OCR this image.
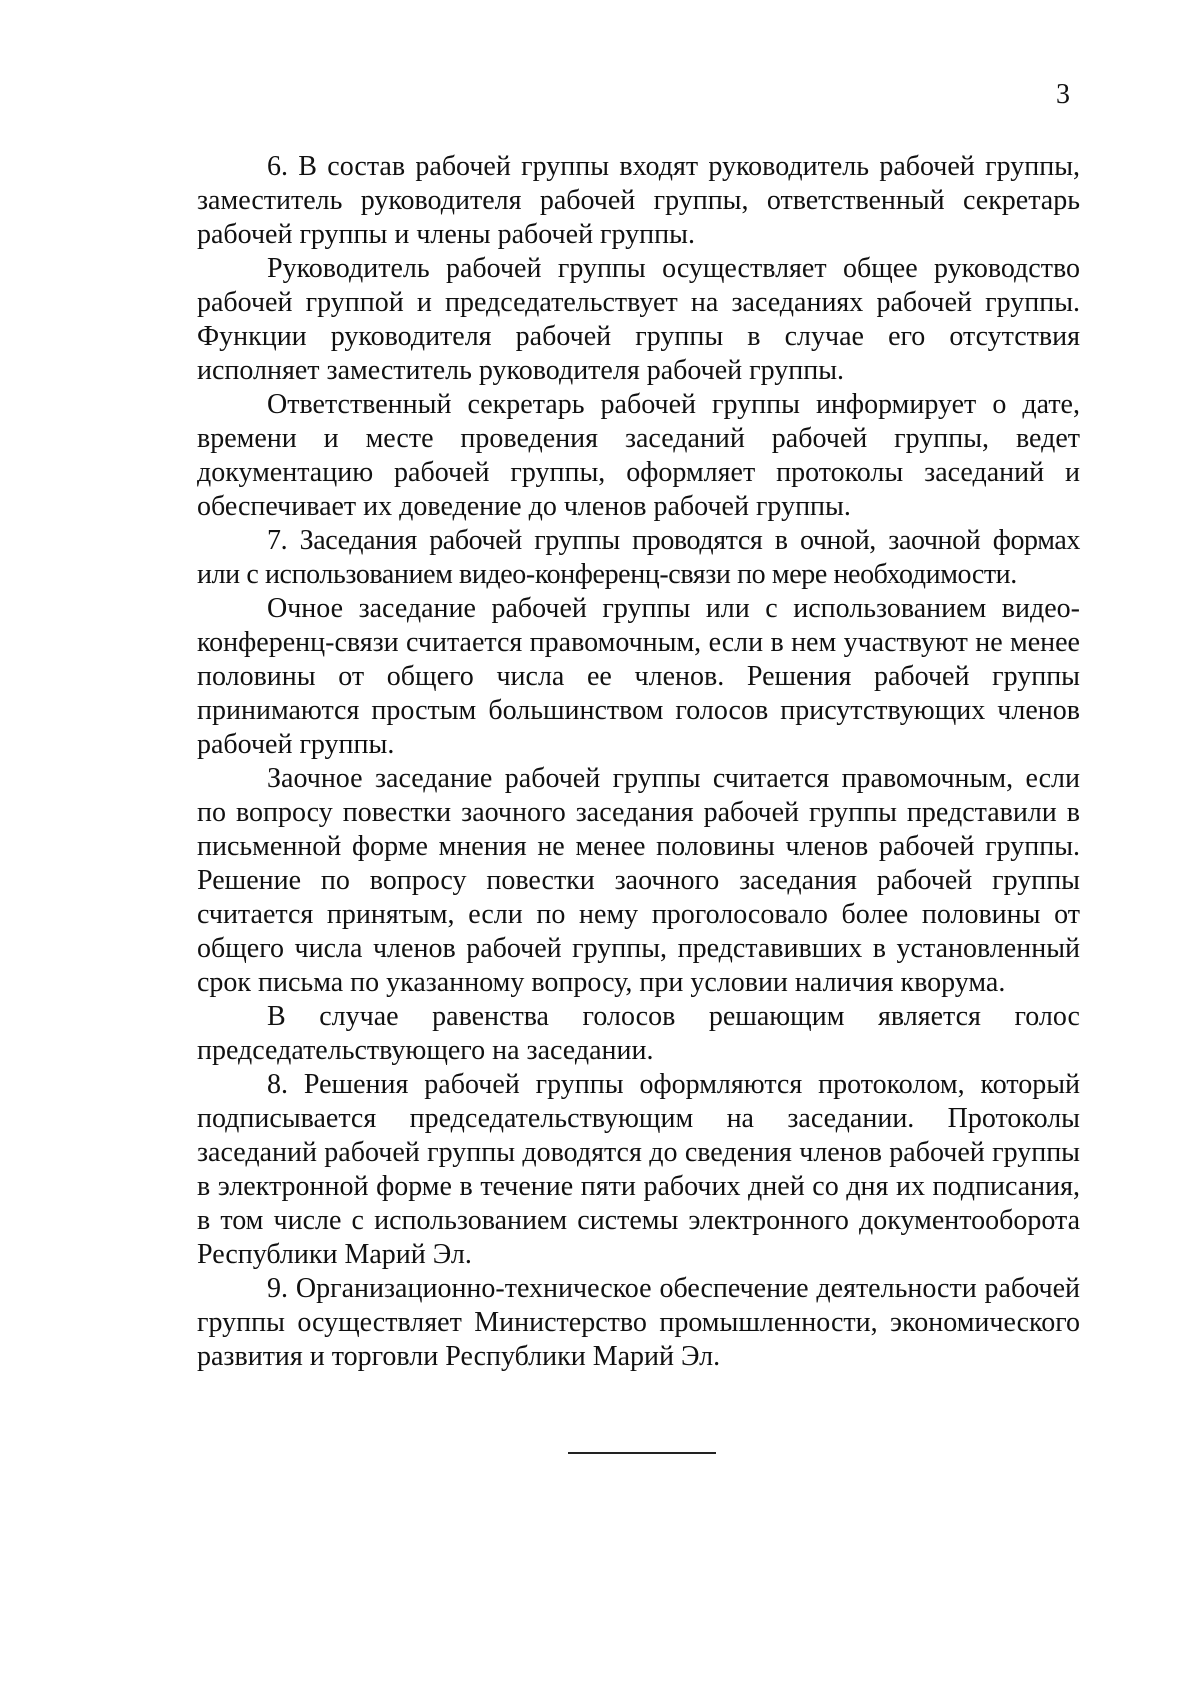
3

6. В состав рабочей группы входят руководитель рабочей группы, заместитель руководителя рабочей группы, ответственный секретарь рабочей группы и члены рабочей группы.

Руководитель рабочей группы осуществляет общее руководство рабочей группой и председательствует на заседаниях рабочей группы. Функции руководителя рабочей группы в случае его отсутствия исполняет заместитель руководителя рабочей группы.

Ответственный секретарь рабочей группы информирует о дате, времени и месте проведения заседаний рабочей группы, ведет документацию рабочей группы, оформляет протоколы заседаний и обеспечивает их доведение до членов рабочей группы.

7. Заседания рабочей группы проводятся в очной, заочной формах или с использованием видео-конференц-связи по мере необходимости.

Очное заседание рабочей группы или с использованием видео-конференц-связи считается правомочным, если в нем участвуют не менее половины от общего числа ее членов. Решения рабочей группы принимаются простым большинством голосов присутствующих членов рабочей группы.

Заочное заседание рабочей группы считается правомочным, если по вопросу повестки заочного заседания рабочей группы представили в письменной форме мнения не менее половины членов рабочей группы. Решение по вопросу повестки заочного заседания рабочей группы считается принятым, если по нему проголосовало более половины от общего числа членов рабочей группы, представивших в установленный срок письма по указанному вопросу, при условии наличия кворума.

В случае равенства голосов решающим является голос председательствующего на заседании.

8. Решения рабочей группы оформляются протоколом, который подписывается председательствующим на заседании. Протоколы заседаний рабочей группы доводятся до сведения членов рабочей группы в электронной форме в течение пяти рабочих дней со дня их подписания, в том числе с использованием системы электронного документооборота Республики Марий Эл.

9. Организационно-техническое обеспечение деятельности рабочей группы осуществляет Министерство промышленности, экономического развития и торговли Республики Марий Эл.
